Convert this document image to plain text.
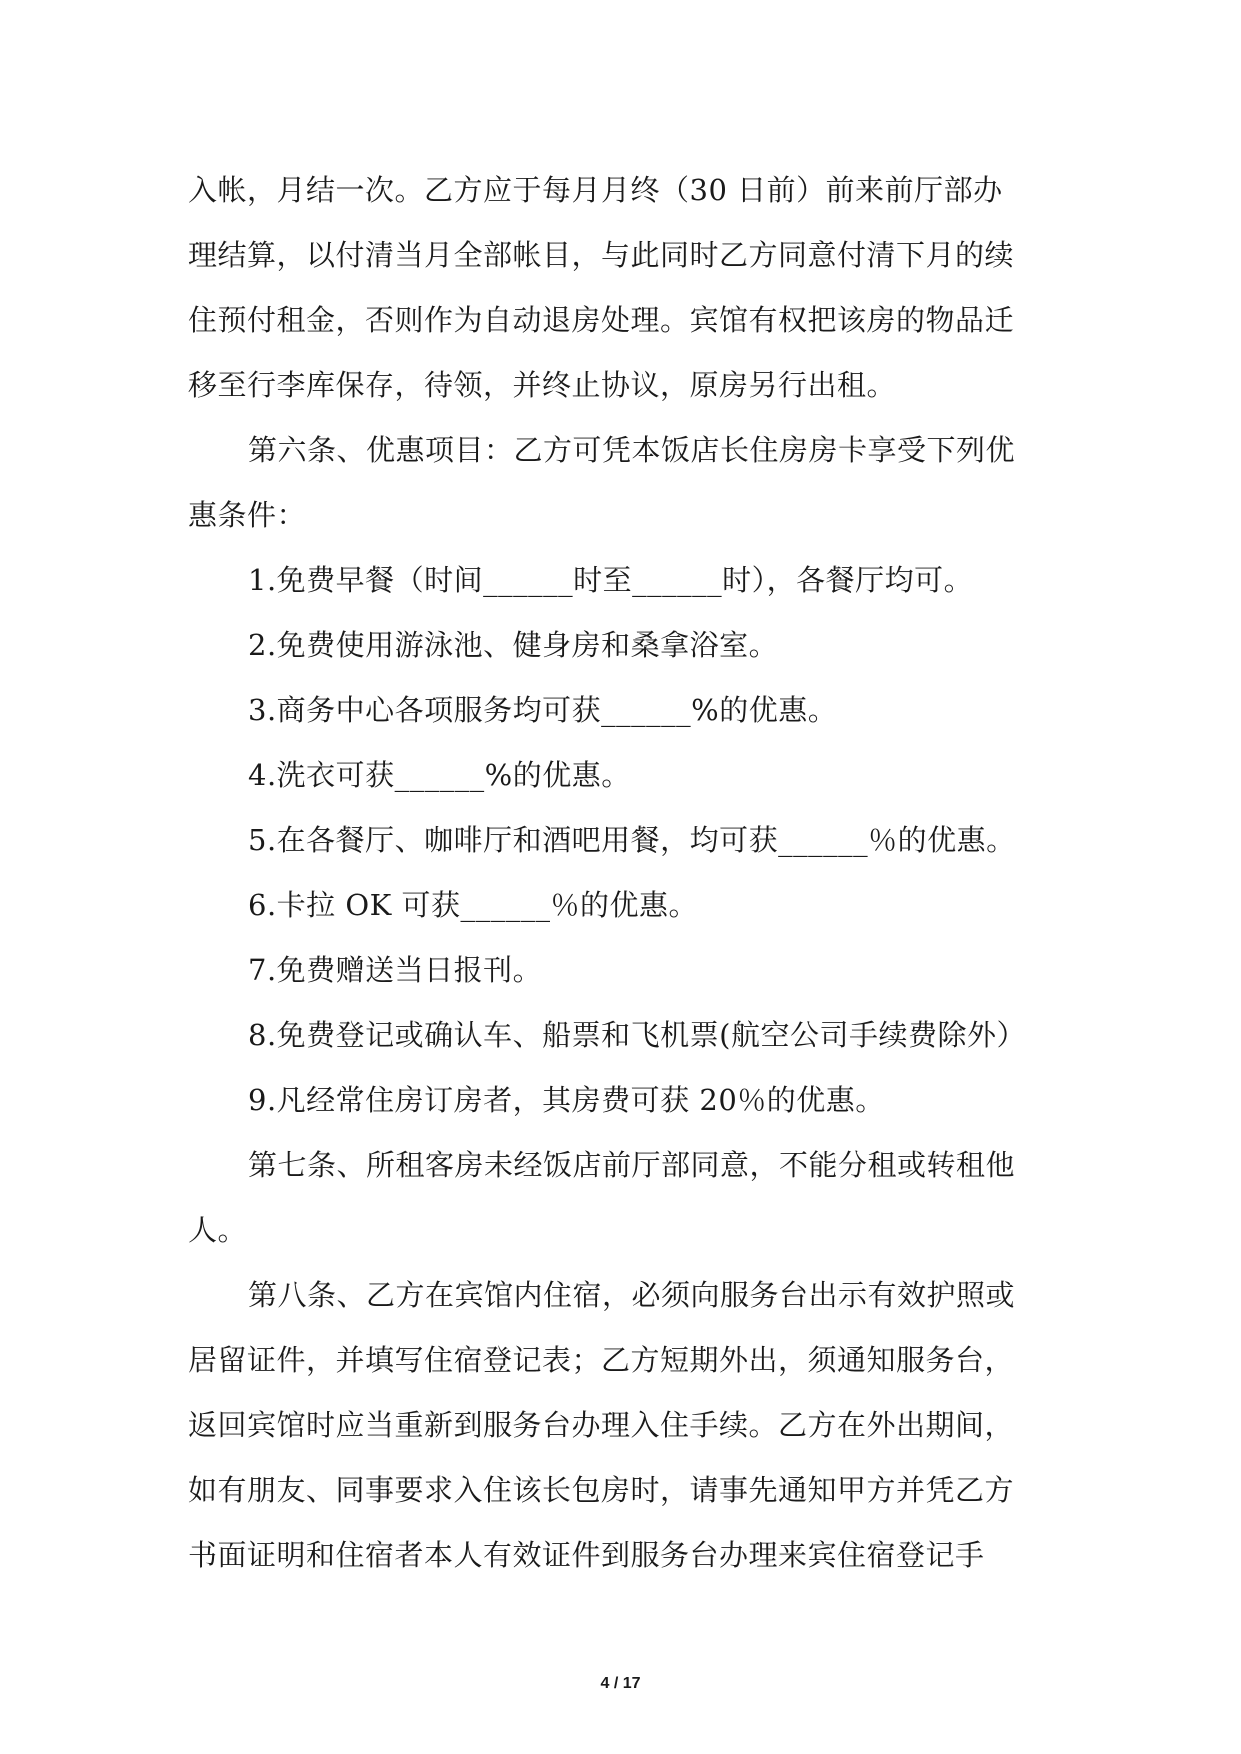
入帐，月结一次。乙方应于每月月终（30 日前）前来前厅部办
理结算，以付清当月全部帐目，与此同时乙方同意付清下月的续
住预付租金，否则作为自动退房处理。宾馆有权把该房的物品迁
移至行李库保存，待领，并终止协议，原房另行出租。
第六条、优惠项目：乙方可凭本饭店长住房房卡享受下列优
惠条件：
1.免费早餐（时间______时至______时），各餐厅均可。
2.免费使用游泳池、健身房和桑拿浴室。
3.商务中心各项服务均可获______%的优惠。
4.洗衣可获______%的优惠。
5.在各餐厅、咖啡厅和酒吧用餐，均可获______％的优惠。
6.卡拉 OK 可获______％的优惠。
7.免费赠送当日报刊。
8.免费登记或确认车、船票和飞机票(航空公司手续费除外）
9.凡经常住房订房者，其房费可获 20％的优惠。
第七条、所租客房未经饭店前厅部同意，不能分租或转租他
人。
第八条、乙方在宾馆内住宿，必须向服务台出示有效护照或
居留证件，并填写住宿登记表；乙方短期外出，须通知服务台，
返回宾馆时应当重新到服务台办理入住手续。乙方在外出期间，
如有朋友、同事要求入住该长包房时，请事先通知甲方并凭乙方
书面证明和住宿者本人有效证件到服务台办理来宾住宿登记手
4 / 17
